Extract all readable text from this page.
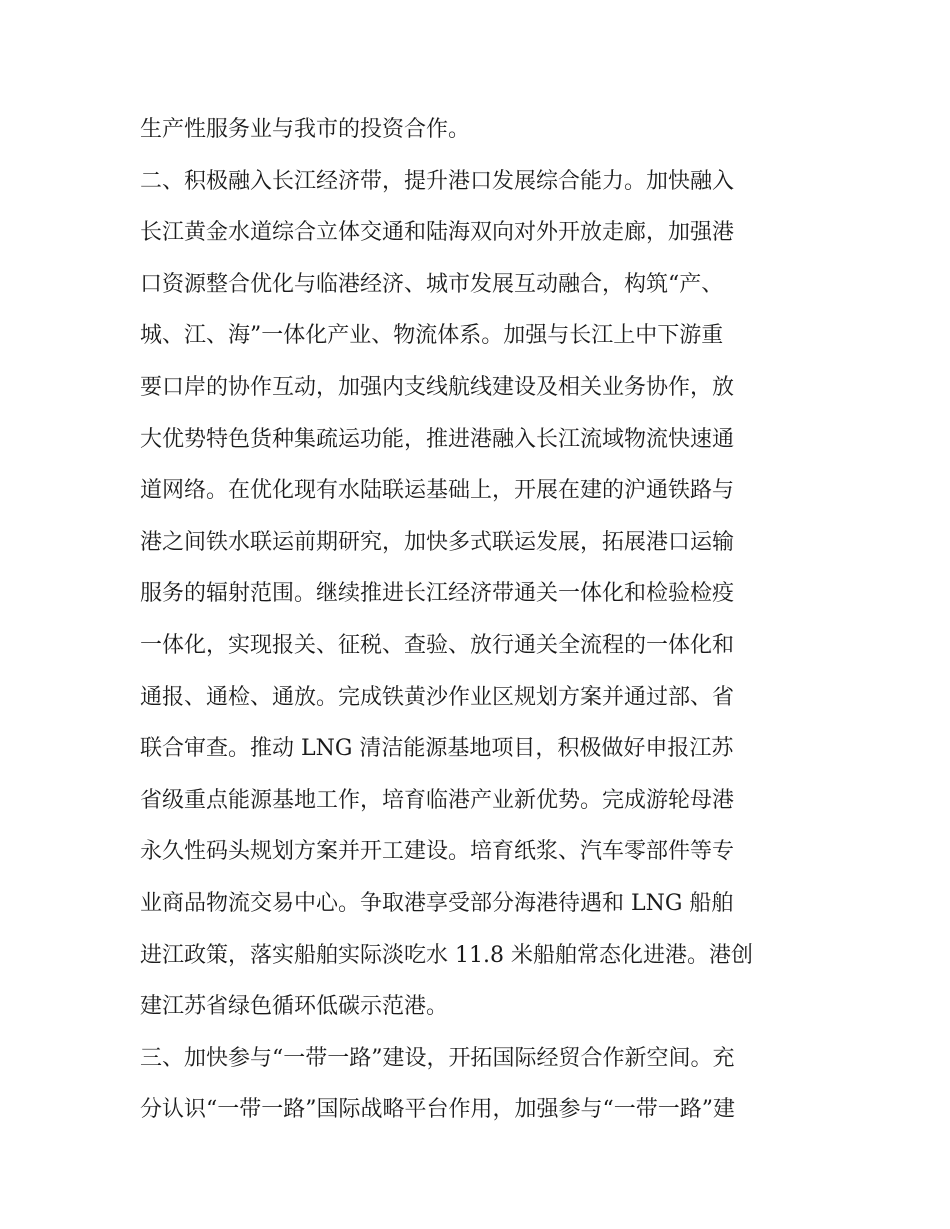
生产性服务业与我市的投资合作。
二、积极融入长江经济带，提升港口发展综合能力。加快融入
长江黄金水道综合立体交通和陆海双向对外开放走廊，加强港
口资源整合优化与临港经济、城市发展互动融合，构筑“产、
城、江、海”一体化产业、物流体系。加强与长江上中下游重
要口岸的协作互动，加强内支线航线建设及相关业务协作，放
大优势特色货种集疏运功能，推进港融入长江流域物流快速通
道网络。在优化现有水陆联运基础上，开展在建的沪通铁路与
港之间铁水联运前期研究，加快多式联运发展，拓展港口运输
服务的辐射范围。继续推进长江经济带通关一体化和检验检疫
一体化，实现报关、征税、查验、放行通关全流程的一体化和
通报、通检、通放。完成铁黄沙作业区规划方案并通过部、省
联合审查。推动 LNG 清洁能源基地项目，积极做好申报江苏
省级重点能源基地工作，培育临港产业新优势。完成游轮母港
永久性码头规划方案并开工建设。培育纸浆、汽车零部件等专
业商品物流交易中心。争取港享受部分海港待遇和 LNG 船舶
进江政策，落实船舶实际淡吃水 11.8 米船舶常态化进港。港创
建江苏省绿色循环低碳示范港。
三、加快参与“一带一路”建设，开拓国际经贸合作新空间。充
分认识“一带一路”国际战略平台作用，加强参与“一带一路”建
